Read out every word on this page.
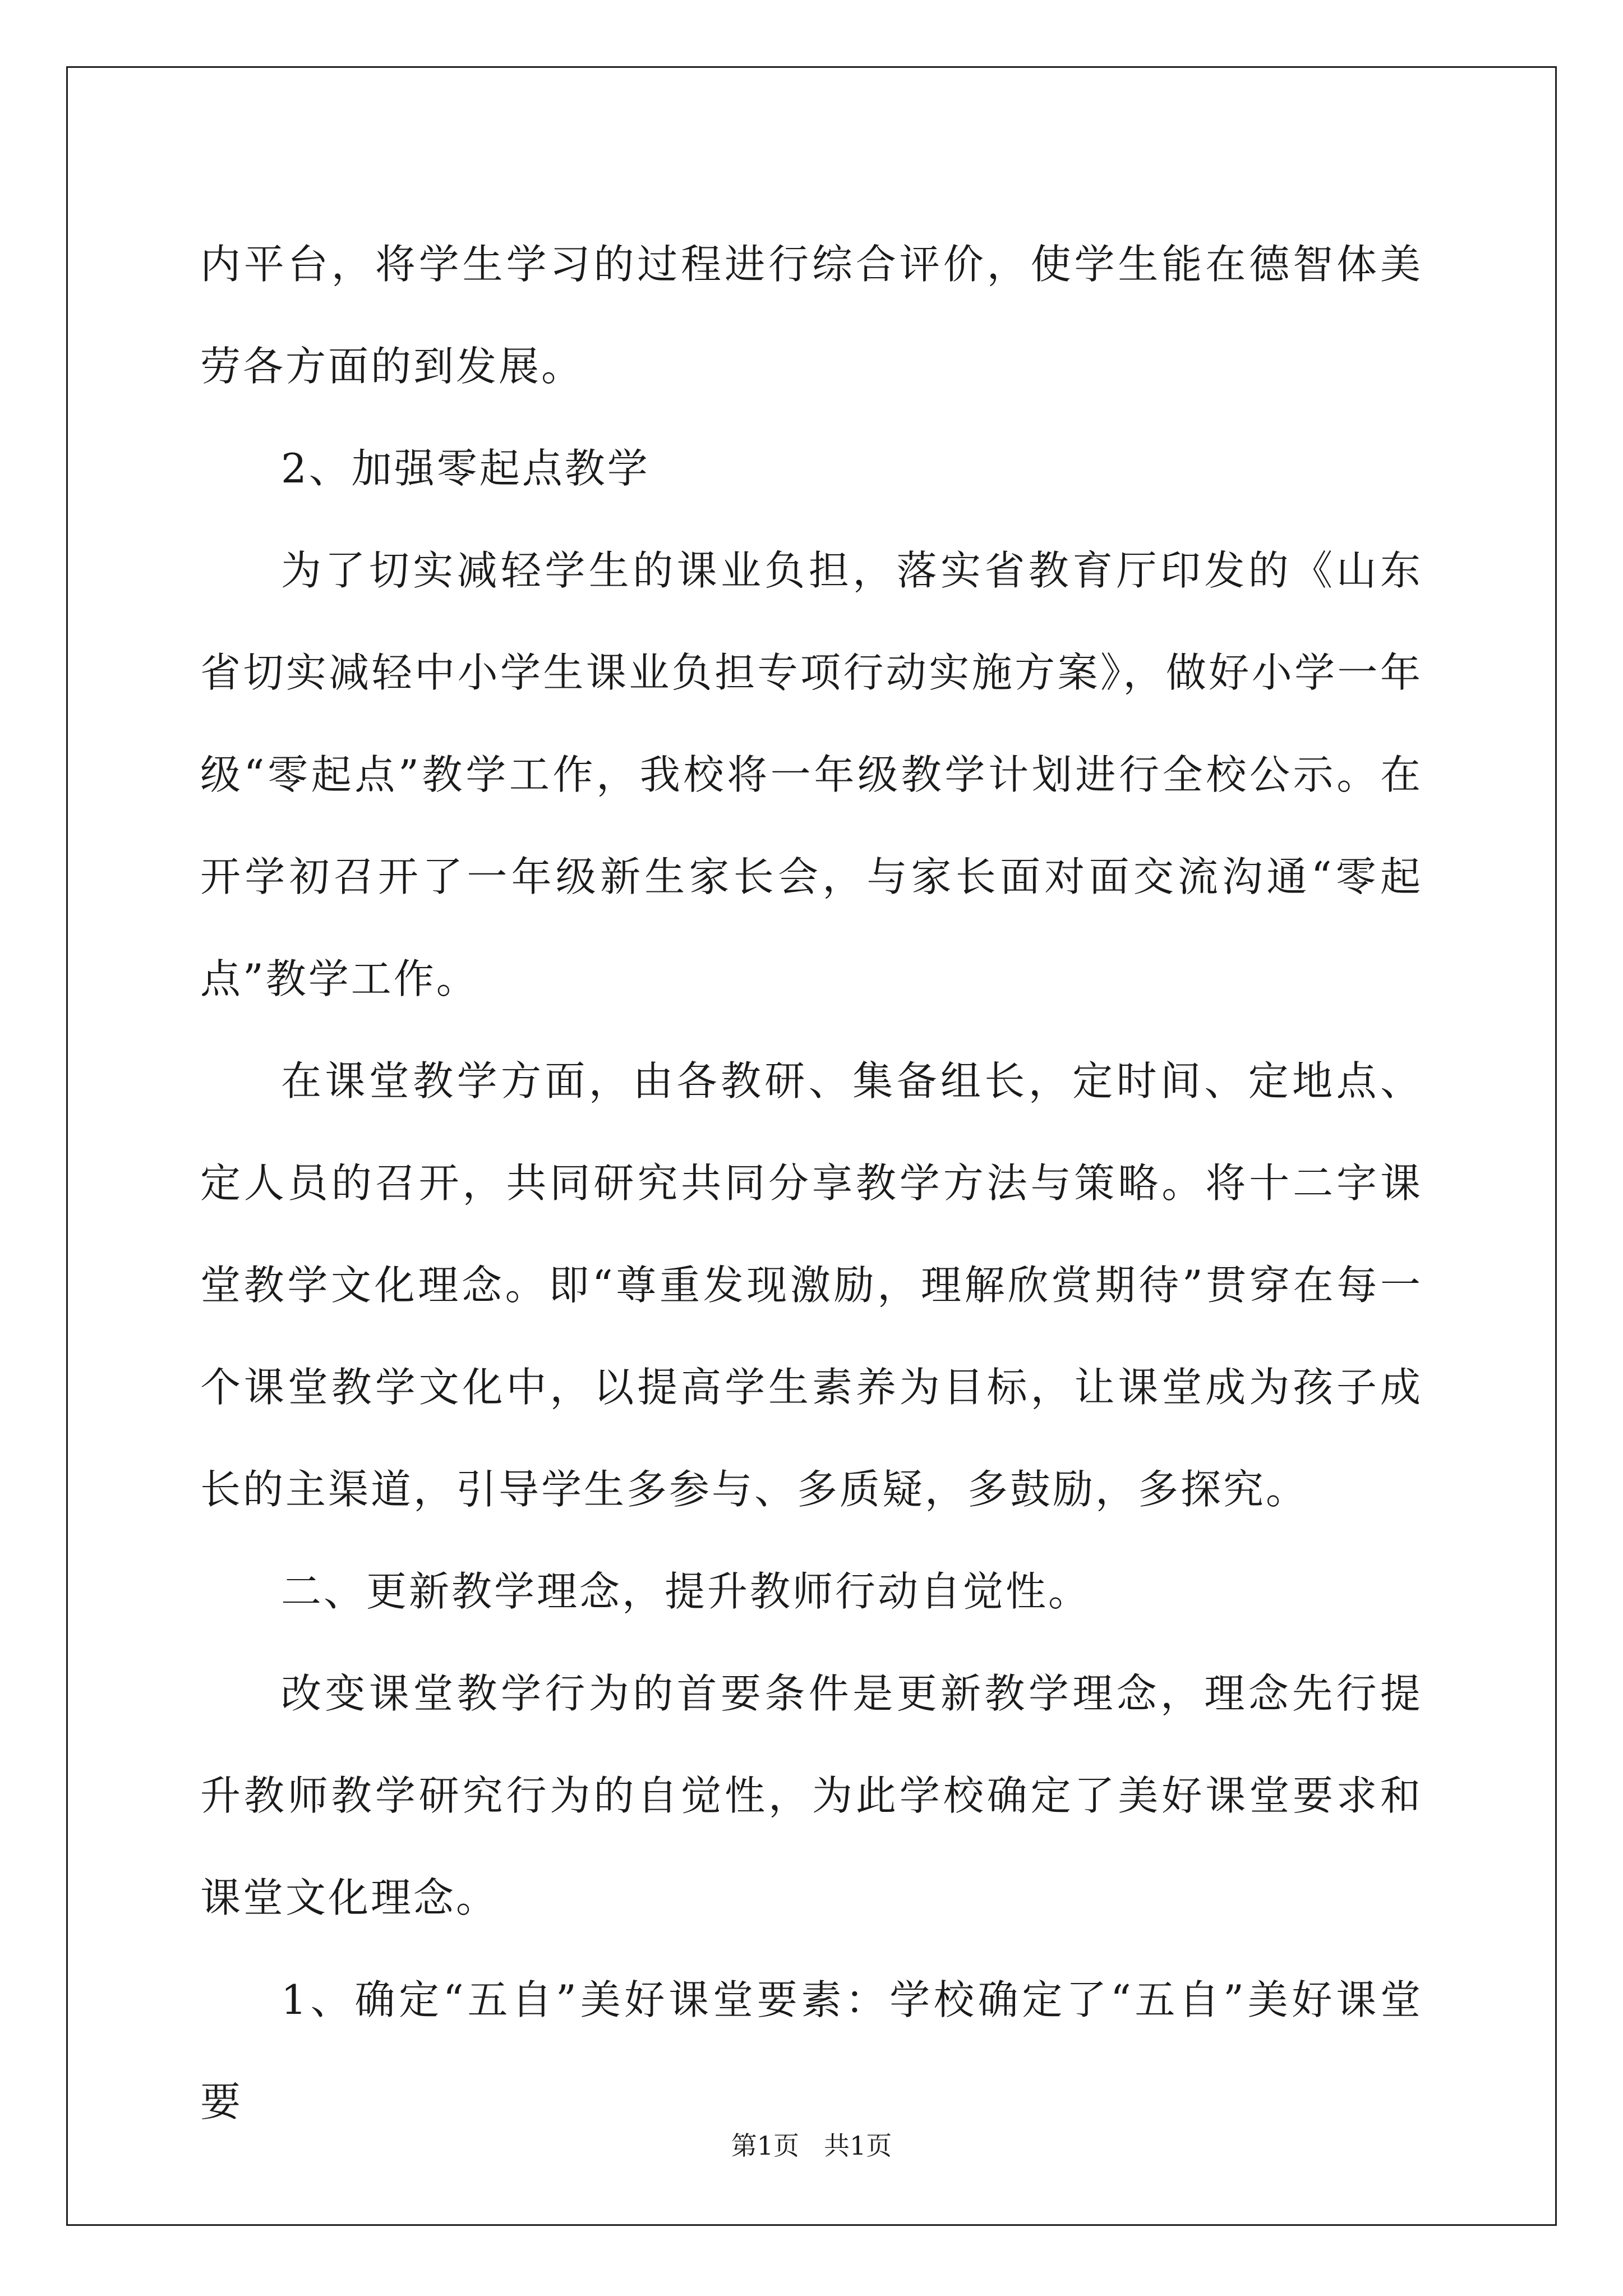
内平台，将学生学习的过程进行综合评价，使学生能在德智体美劳各方面的到发展。

2、加强零起点教学

为了切实减轻学生的课业负担，落实省教育厅印发的《山东省切实减轻中小学生课业负担专项行动实施方案》，做好小学一年级“零起点”教学工作，我校将一年级教学计划进行全校公示。在开学初召开了一年级新生家长会，与家长面对面交流沟通“零起点”教学工作。

在课堂教学方面，由各教研、集备组长，定时间、定地点、定人员的召开，共同研究共同分享教学方法与策略。将十二字课堂教学文化理念。即“尊重发现激励，理解欣赏期待”贯穿在每一个课堂教学文化中，以提高学生素养为目标，让课堂成为孩子成长的主渠道，引导学生多参与、多质疑，多鼓励，多探究。

二、更新教学理念，提升教师行动自觉性。

改变课堂教学行为的首要条件是更新教学理念，理念先行提升教师教学研究行为的自觉性，为此学校确定了美好课堂要求和课堂文化理念。

1、确定“五自”美好课堂要素：学校确定了“五自”美好课堂要

第1页 共1页
